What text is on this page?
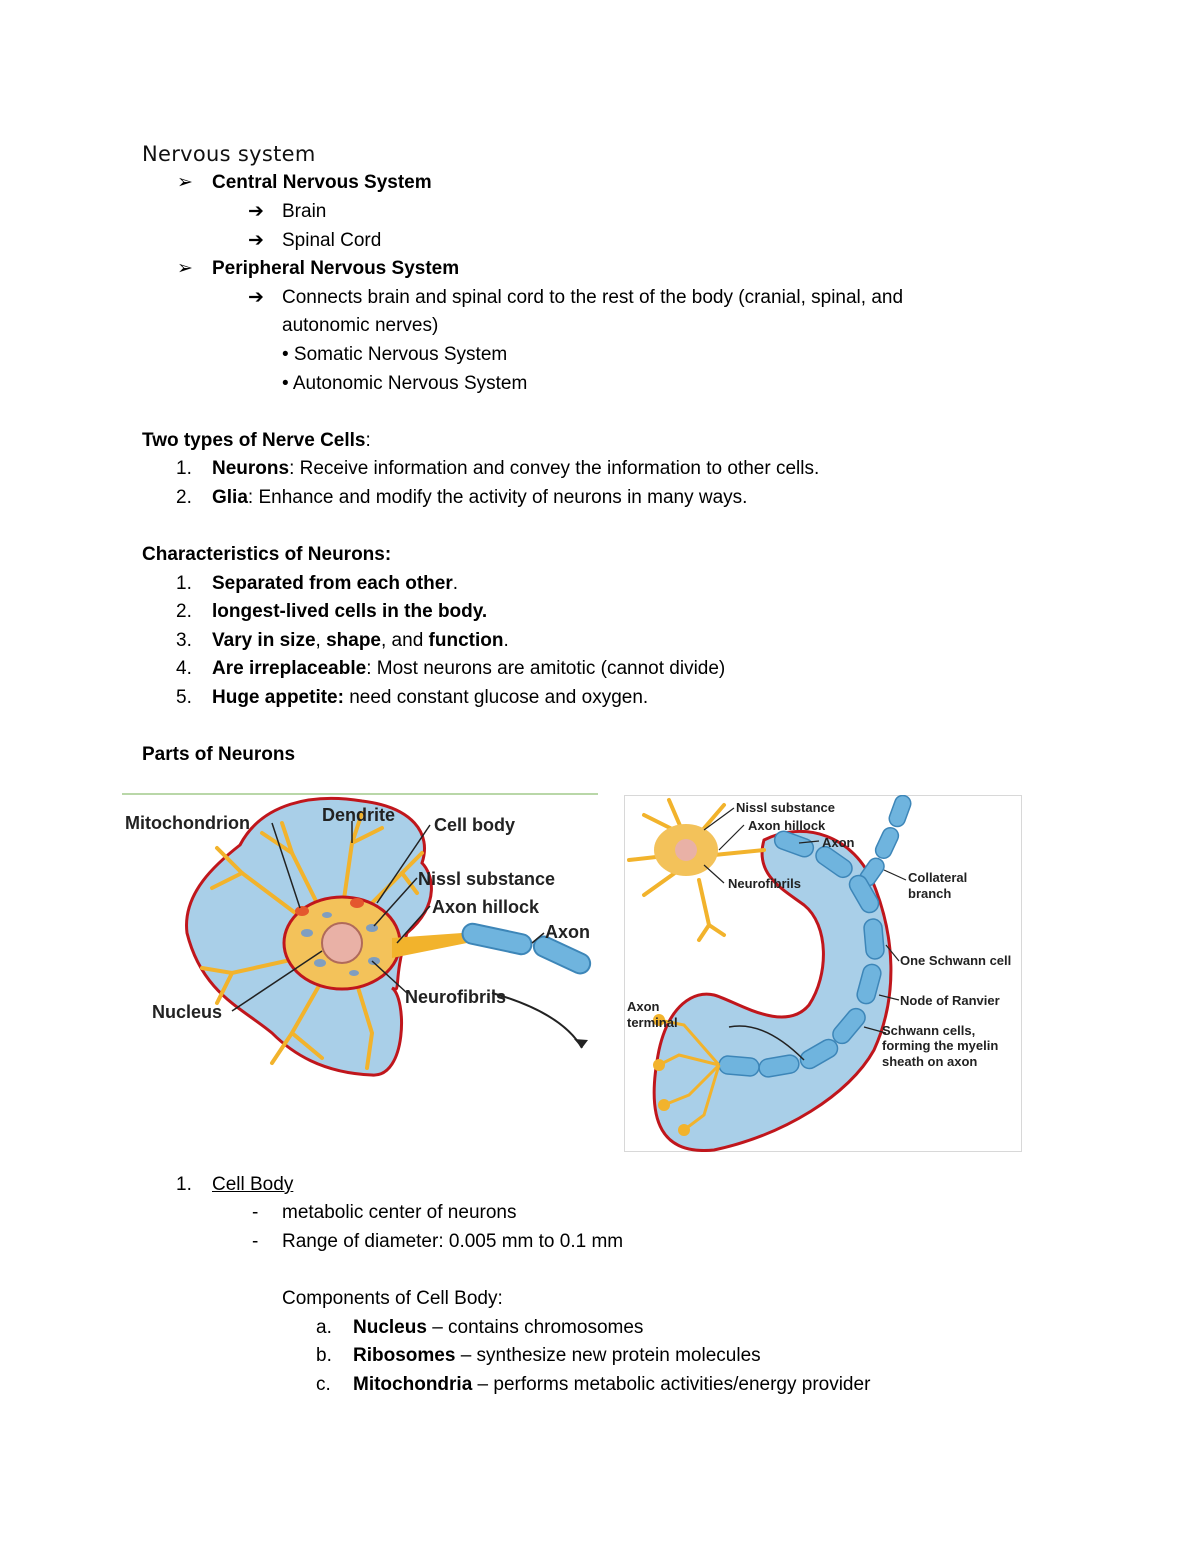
Nervous system
➢ Central Nervous System
➔ Brain
➔ Spinal Cord
➢ Peripheral Nervous System
➔ Connects brain and spinal cord to the rest of the body (cranial, spinal, and
autonomic nerves)
• Somatic Nervous System
• Autonomic Nervous System
Two types of Nerve Cells:
1. Neurons: Receive information and convey the information to other cells.
2. Glia: Enhance and modify the activity of neurons in many ways.
Characteristics of Neurons:
1. Separated from each other.
2. longest-lived cells in the body.
3. Vary in size, shape, and function.
4. Are irreplaceable: Most neurons are amitotic (cannot divide)
5. Huge appetite: need constant glucose and oxygen.
Parts of Neurons
Mitochondrion	Dendrite Cell body
Nissl substance
Axon hillock
Axon
Nucleus
Neurofibrils
Nissl substance
Axon hillock
Axon
Neurofibrils	Collateral
branch
One Schwann cell
Node of Ranvier
Schwann cells,
forming the myelin
sheath on axon
Axon
terminal
1. Cell Body
- metabolic center of neurons
- Range of diameter: 0.005 mm to 0.1 mm
Components of Cell Body:
a. Nucleus – contains chromosomes
b. Ribosomes – synthesize new protein molecules
c. Mitochondria – performs metabolic activities/energy provider
